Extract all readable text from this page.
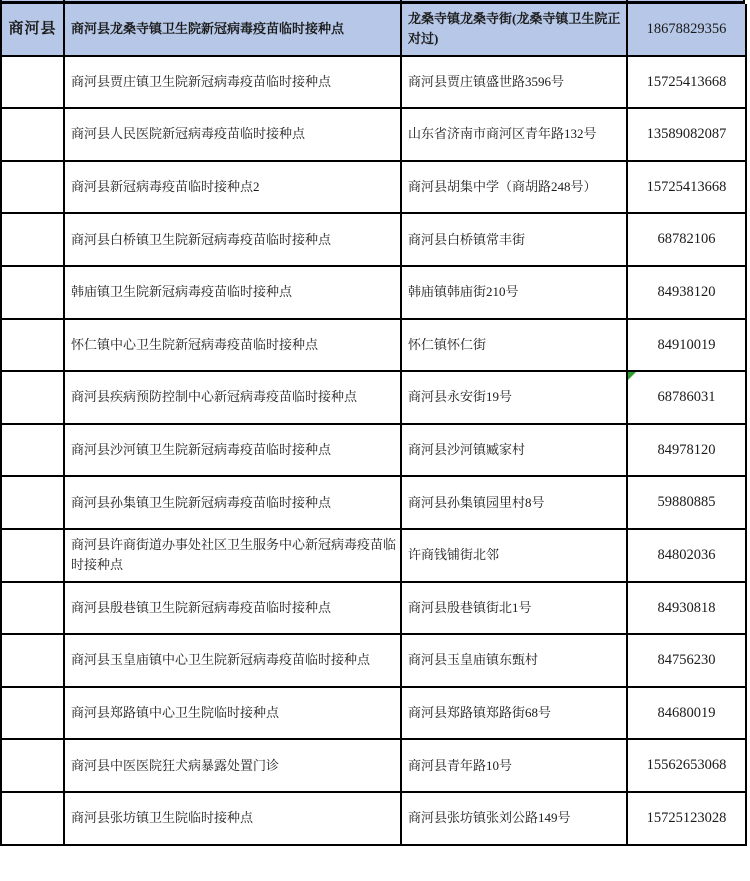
商河县	商河县龙桑寺镇卫生院新冠病毒疫苗临时接种点	龙桑寺镇龙桑寺街(龙桑寺镇卫生院正对过)	18678829356
	商河县贾庄镇卫生院新冠病毒疫苗临时接种点	商河县贾庄镇盛世路3596号	15725413668
	商河县人民医院新冠病毒疫苗临时接种点	山东省济南市商河区青年路132号	13589082087
	商河县新冠病毒疫苗临时接种点2	商河县胡集中学（商胡路248号）	15725413668
	商河县白桥镇卫生院新冠病毒疫苗临时接种点	商河县白桥镇常丰街	68782106
	韩庙镇卫生院新冠病毒疫苗临时接种点	韩庙镇韩庙街210号	84938120
	怀仁镇中心卫生院新冠病毒疫苗临时接种点	怀仁镇怀仁街	84910019
	商河县疾病预防控制中心新冠病毒疫苗临时接种点	商河县永安街19号	68786031

	商河县沙河镇卫生院新冠病毒疫苗临时接种点	商河县沙河镇臧家村	84978120
	商河县孙集镇卫生院新冠病毒疫苗临时接种点	商河县孙集镇园里村8号	59880885
	商河县许商街道办事处社区卫生服务中心新冠病毒疫苗临时接种点	许商钱铺街北邻	84802036
	商河县殷巷镇卫生院新冠病毒疫苗临时接种点	商河县殷巷镇街北1号	84930818
	商河县玉皇庙镇中心卫生院新冠病毒疫苗临时接种点	商河县玉皇庙镇东甄村	84756230
	商河县郑路镇中心卫生院临时接种点	商河县郑路镇郑路街68号	84680019
	商河县中医医院狂犬病暴露处置门诊	商河县青年路10号	15562653068
	商河县张坊镇卫生院临时接种点	商河县张坊镇张刘公路149号	15725123028
